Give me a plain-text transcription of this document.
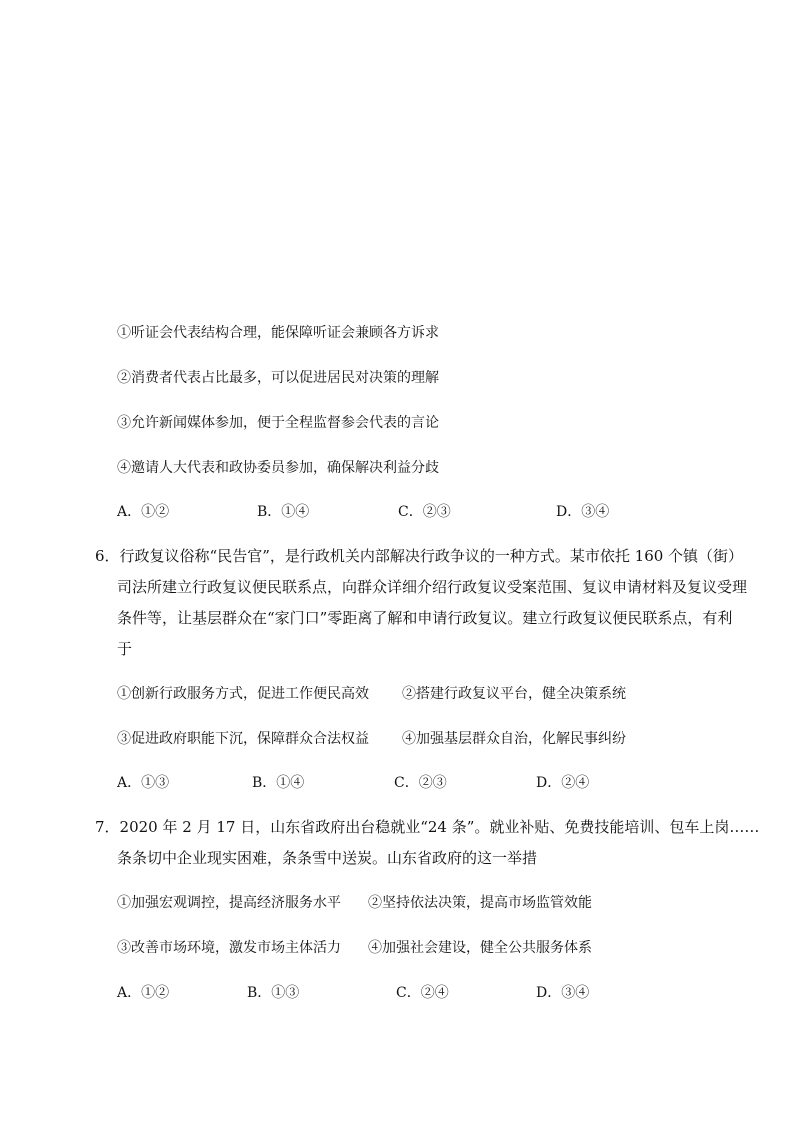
①听证会代表结构合理，能保障听证会兼顾各方诉求
②消费者代表占比最多，可以促进居民对决策的理解
③允许新闻媒体参加，便于全程监督参会代表的言论
④邀请人大代表和政协委员参加，确保解决利益分歧
A．①②	B．①④	C．②③	D．③④
6．行政复议俗称“民告官”，是行政机关内部解决行政争议的一种方式。某市依托 160 个镇（街）
司法所建立行政复议便民联系点，向群众详细介绍行政复议受案范围、复议申请材料及复议受理
条件等，让基层群众在“家门口”零距离了解和申请行政复议。建立行政复议便民联系点，有利
于
①创新行政服务方式，促进工作便民高效 ②搭建行政复议平台，健全决策系统
③促进政府职能下沉，保障群众合法权益 ④加强基层群众自治，化解民事纠纷
A．①③	B．①④	C．②③	D．②④
7．2020 年 2 月 17 日，山东省政府出台稳就业“24 条”。就业补贴、免费技能培训、包车上岗……
条条切中企业现实困难，条条雪中送炭。山东省政府的这一举措
①加强宏观调控，提高经济服务水平 ②坚持依法决策，提高市场监管效能
③改善市场环境，激发市场主体活力 ④加强社会建设，健全公共服务体系
A．①②	B．①③	C．②④	D．③④
